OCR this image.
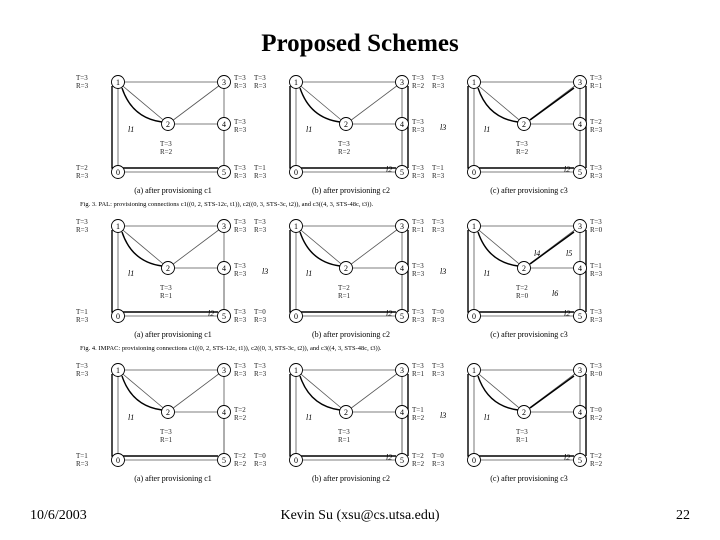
Proposed Schemes
1	3
2	4
0	5
T=3
R=3
T=3
R=3
T=2
R=3
T=3
R=3
T=3
R=3
T=3
R=2
l1
(a) after provisioning c1
1	3
2	4
0	5
T=3
R=3
T=3
R=2
T=1
R=3
T=3
R=3
T=3
R=3
T=3
R=2
l1
l2
(b) after provisioning c2
1	3
2	4
0	5
T=3
R=3
T=3
R=1
T=1
R=3
T=3
R=3
T=2
R=3
T=3
R=2
l1
l2
l3
(c) after provisioning c3
Fig. 3. PAL: provisioning connections c1((0, 2, STS-12c, t1)), c2((0, 3, STS-3c, t2)), and c3((4, 3, STS-48c, t3)).
1	3
2	4
0	5
T=3
R=3
T=3
R=3
T=1
R=3
T=3
R=3
T=3
R=3
T=3
R=1
l1
l2
(a) after provisioning c1
1	3
2	4
0	5
T=3
R=3
T=3
R=1
T=0
R=3
T=3
R=3
T=3
R=3
T=2
R=1
l1
l2
l3
(b) after provisioning c2
1	3
2	4
0	5
T=3
R=3
T=3
R=0
T=0
R=3
T=3
R=3
T=1
R=3
T=2
R=0
l1
l2
l3
l4	l5
l6
(c) after provisioning c3
Fig. 4. IMPAC: provisioning connections c1((0, 2, STS-12c, t1)), c2((0, 3, STS-3c, t2)), and c3((4, 3, STS-48c, t3)).
1	3
2	4
0	5
T=3
R=3
T=3
R=3
T=1
R=3
T=2
R=2
T=2
R=2
T=3
R=1
l1
(a) after provisioning c1
1	3
2	4
0	5
T=3
R=3
T=3
R=1
T=0
R=3
T=2
R=2
T=1
R=2
T=3
R=1
l1
l2
(b) after provisioning c2
1	3
2	4
0	5
T=3
R=3
T=3
R=0
T=0
R=3
T=2
R=2
T=0
R=2
T=3
R=1
l1
l2
l3
(c) after provisioning c3
10/6/2003	Kevin Su (xsu@cs.utsa.edu)	22
